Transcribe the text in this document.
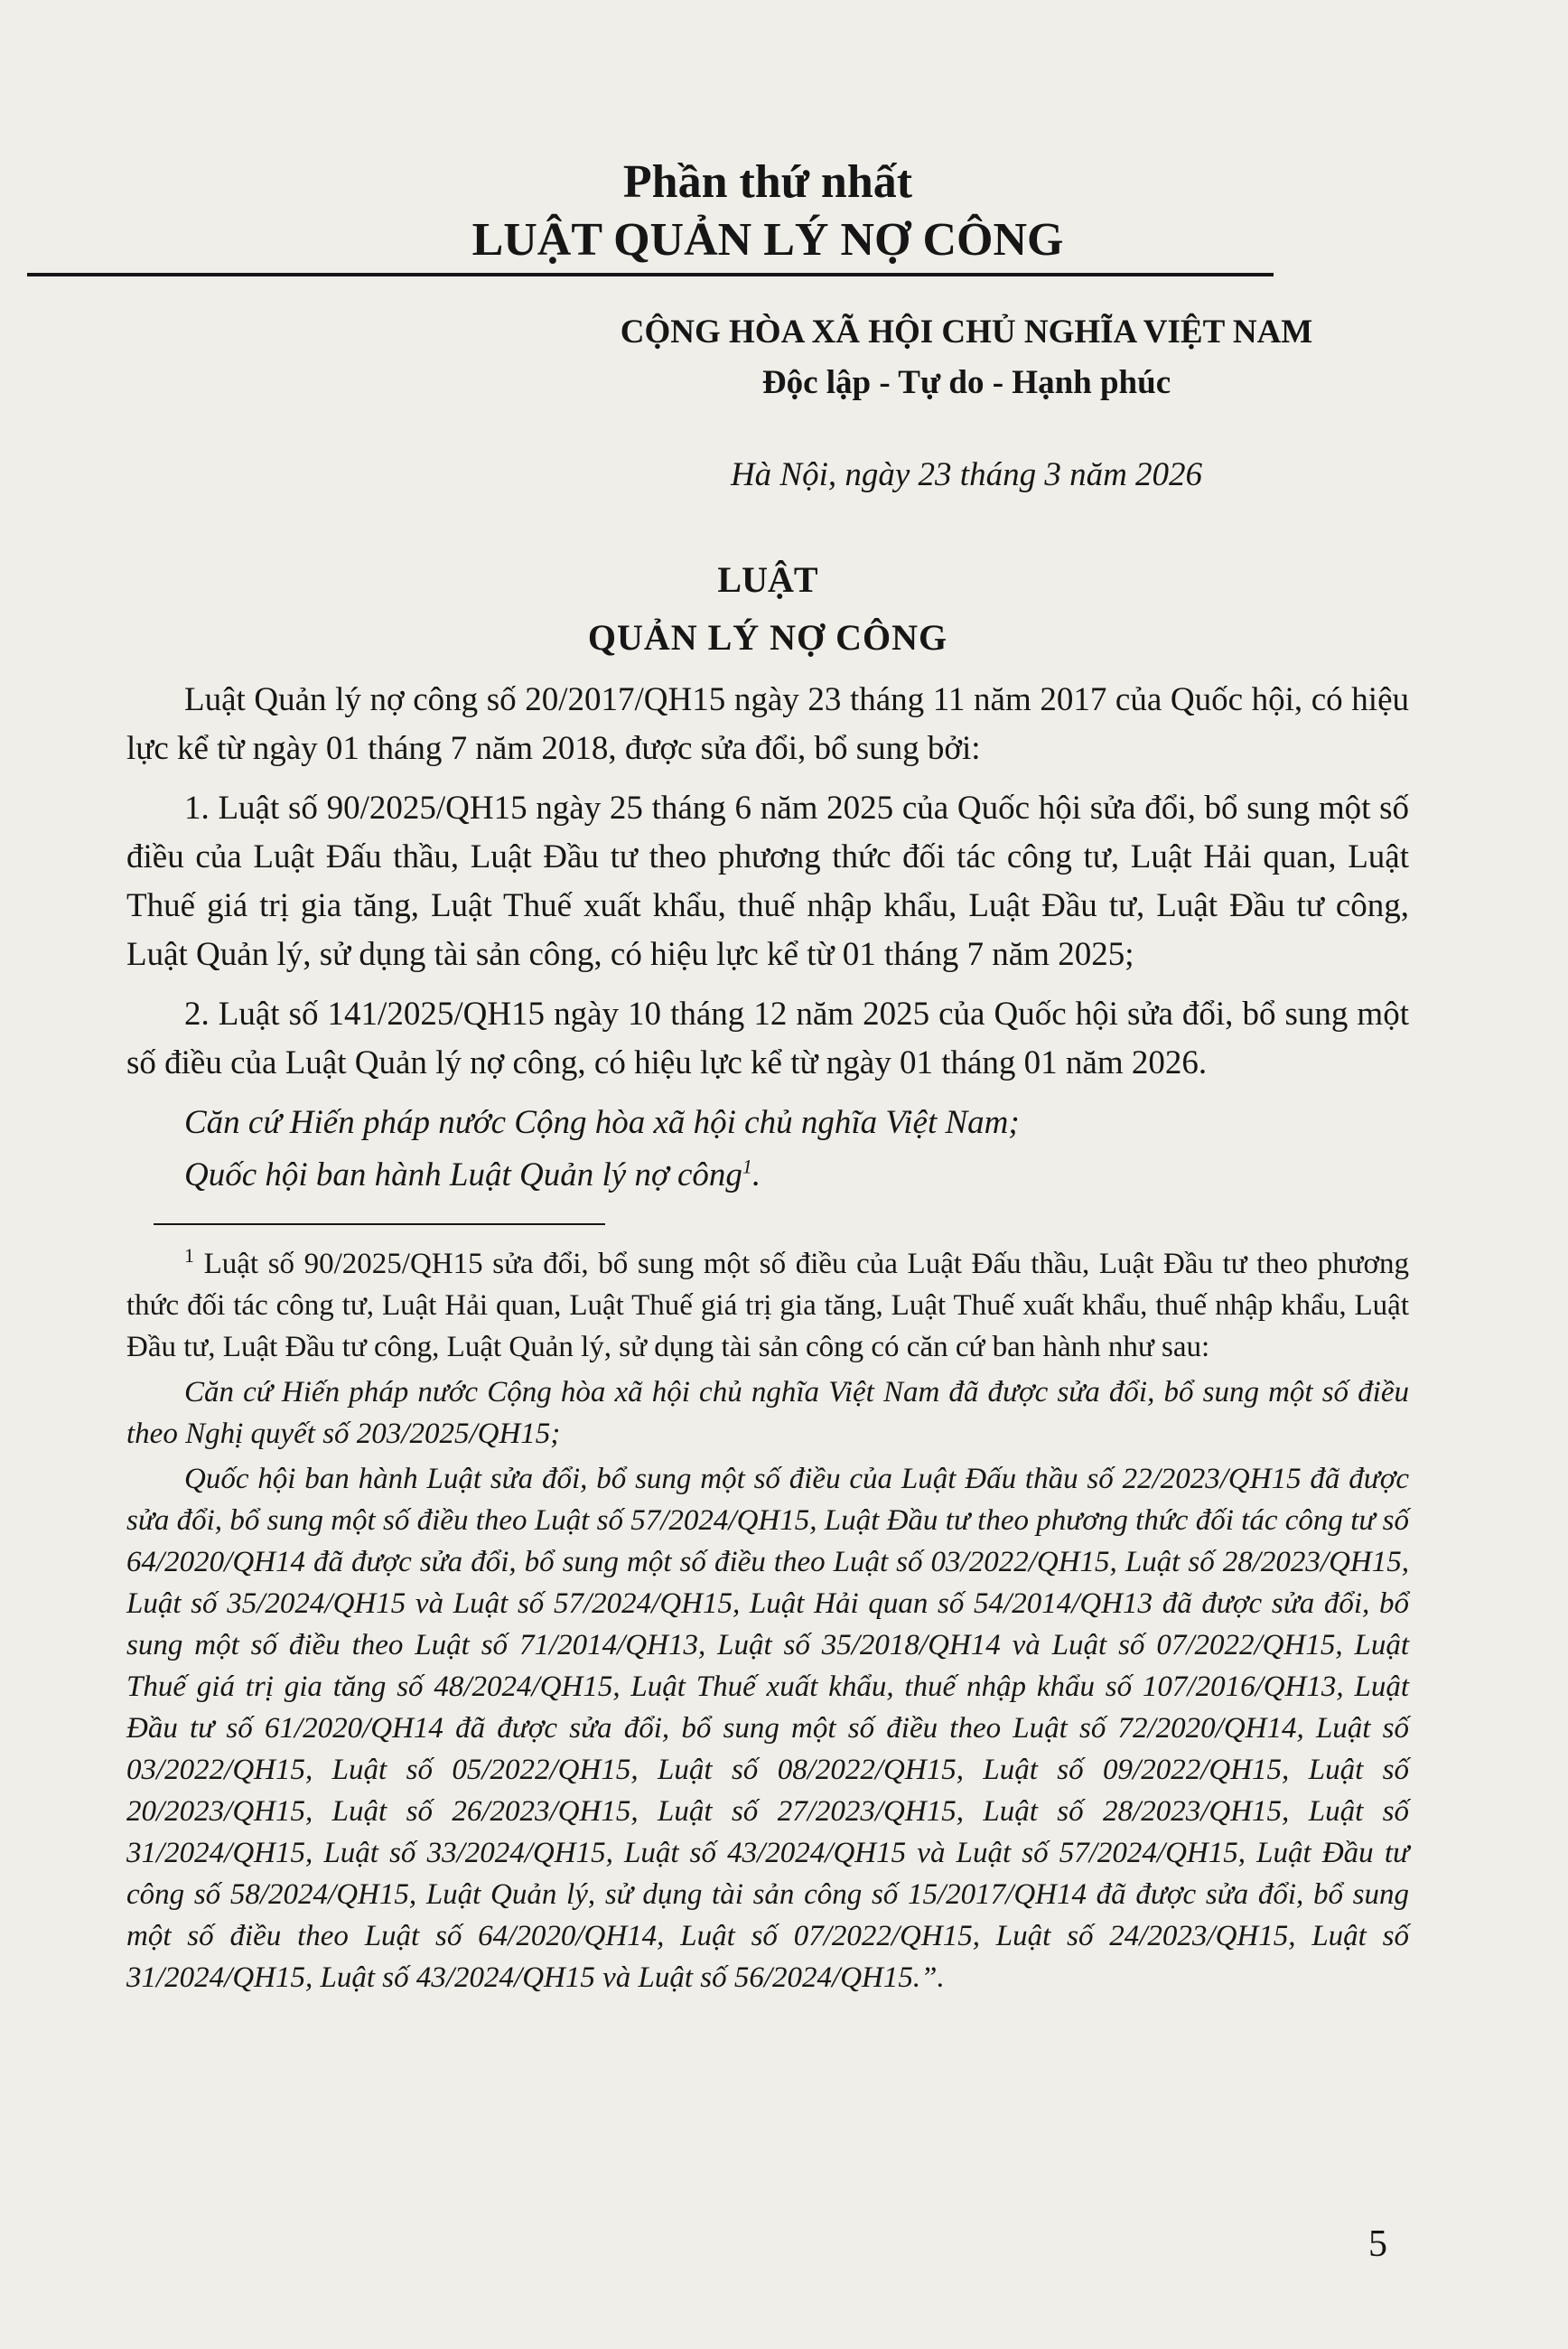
Phần thứ nhất
LUẬT QUẢN LÝ NỢ CÔNG

CỘNG HÒA XÃ HỘI CHỦ NGHĨA VIỆT NAM

Độc lập - Tự do - Hạnh phúc

Hà Nội, ngày 23 tháng 3 năm 2026

LUẬT

QUẢN LÝ NỢ CÔNG

Luật Quản lý nợ công số 20/2017/QH15 ngày 23 tháng 11 năm 2017 của Quốc hội, có hiệu lực kể từ ngày 01 tháng 7 năm 2018, được sửa đổi, bổ sung bởi:

1. Luật số 90/2025/QH15 ngày 25 tháng 6 năm 2025 của Quốc hội sửa đổi, bổ sung một số điều của Luật Đấu thầu, Luật Đầu tư theo phương thức đối tác công tư, Luật Hải quan, Luật Thuế giá trị gia tăng, Luật Thuế xuất khẩu, thuế nhập khẩu, Luật Đầu tư, Luật Đầu tư công, Luật Quản lý, sử dụng tài sản công, có hiệu lực kể từ 01 tháng 7 năm 2025;

2. Luật số 141/2025/QH15 ngày 10 tháng 12 năm 2025 của Quốc hội sửa đổi, bổ sung một số điều của Luật Quản lý nợ công, có hiệu lực kể từ ngày 01 tháng 01 năm 2026.

Căn cứ Hiến pháp nước Cộng hòa xã hội chủ nghĩa Việt Nam;

Quốc hội ban hành Luật Quản lý nợ công$^1$.

$^1$ Luật số 90/2025/QH15 sửa đổi, bổ sung một số điều của Luật Đấu thầu, Luật Đầu tư theo phương thức đối tác công tư, Luật Hải quan, Luật Thuế giá trị gia tăng, Luật Thuế xuất khẩu, thuế nhập khẩu, Luật Đầu tư, Luật Đầu tư công, Luật Quản lý, sử dụng tài sản công có căn cứ ban hành như sau:

Căn cứ Hiến pháp nước Cộng hòa xã hội chủ nghĩa Việt Nam đã được sửa đổi, bổ sung một số điều theo Nghị quyết số 203/2025/QH15;

Quốc hội ban hành Luật sửa đổi, bổ sung một số điều của Luật Đấu thầu số 22/2023/QH15 đã được sửa đổi, bổ sung một số điều theo Luật số 57/2024/QH15, Luật Đầu tư theo phương thức đối tác công tư số 64/2020/QH14 đã được sửa đổi, bổ sung một số điều theo Luật số 03/2022/QH15, Luật số 28/2023/QH15, Luật số 35/2024/QH15 và Luật số 57/2024/QH15, Luật Hải quan số 54/2014/QH13 đã được sửa đổi, bổ sung một số điều theo Luật số 71/2014/QH13, Luật số 35/2018/QH14 và Luật số 07/2022/QH15, Luật Thuế giá trị gia tăng số 48/2024/QH15, Luật Thuế xuất khẩu, thuế nhập khẩu số 107/2016/QH13, Luật Đầu tư số 61/2020/QH14 đã được sửa đổi, bổ sung một số điều theo Luật số 72/2020/QH14, Luật số 03/2022/QH15, Luật số 05/2022/QH15, Luật số 08/2022/QH15, Luật số 09/2022/QH15, Luật số 20/2023/QH15, Luật số 26/2023/QH15, Luật số 27/2023/QH15, Luật số 28/2023/QH15, Luật số 31/2024/QH15, Luật số 33/2024/QH15, Luật số 43/2024/QH15 và Luật số 57/2024/QH15, Luật Đầu tư công số 58/2024/QH15, Luật Quản lý, sử dụng tài sản công số 15/2017/QH14 đã được sửa đổi, bổ sung một số điều theo Luật số 64/2020/QH14, Luật số 07/2022/QH15, Luật số 24/2023/QH15, Luật số 31/2024/QH15, Luật số 43/2024/QH15 và Luật số 56/2024/QH15.”.

5
